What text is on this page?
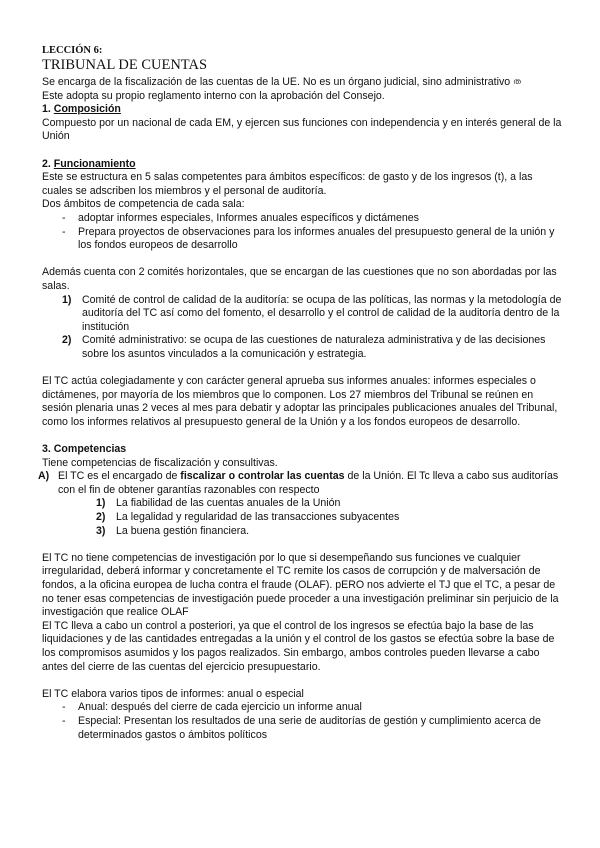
LECCIÓN 6:
TRIBUNAL DE CUENTAS

Se encarga de la fiscalización de las cuentas de la UE. No es un órgano judicial, sino administrativo ത

Este adopta su propio reglamento interno con la aprobación del Consejo.

1. Composición

Compuesto por un nacional de cada EM, y ejercen sus funciones con independencia y en interés general de la Unión

2. Funcionamiento

Este se estructura en 5 salas competentes para ámbitos específicos: de gasto y de los ingresos (t), a las cuales se adscriben los miembros y el personal de auditoría.

Dos ámbitos de competencia de cada sala:

- adoptar informes especiales, Informes anuales específicos y dictámenes
- Prepara proyectos de observaciones para los informes anuales del presupuesto general de la unión y los fondos europeos de desarrollo

Además cuenta con 2 comités horizontales, que se encargan de las cuestiones que no son abordadas por las salas.

1) Comité de control de calidad de la auditoría: se ocupa de las políticas, las normas y la metodología de auditoría del TC así como del fomento, el desarrollo y el control de calidad de la auditoría dentro de la institución
2) Comité administrativo: se ocupa de las cuestiones de naturaleza administrativa y de las decisiones sobre los asuntos vinculados a la comunicación y estrategia.

El TC actúa colegiadamente y con carácter general aprueba sus informes anuales: informes especiales o dictámenes, por mayoría de los miembros que lo componen. Los 27 miembros del Tribunal se reúnen en sesión plenaria unas 2 veces al mes para debatir y adoptar las principales publicaciones anuales del Tribunal, como los informes relativos al presupuesto general de la Unión y a los fondos europeos de desarrollo.

3. Competencias

Tiene competencias de fiscalización y consultivas.

A) El TC es el encargado de fiscalizar o controlar las cuentas de la Unión. El Tc lleva a cabo sus auditorías con el fin de obtener garantías razonables con respecto

1) La fiabilidad de las cuentas anuales de la Unión
2) La legalidad y regularidad de las transacciones subyacentes
3) La buena gestión financiera.

El TC no tiene competencias de investigación por lo que si desempeñando sus funciones ve cualquier irregularidad, deberá informar y concretamente el TC remite los casos de corrupción y de malversación de fondos, a la oficina europea de lucha contra el fraude (OLAF). pERO nos advierte el TJ que el TC, a pesar de no tener esas competencias de investigación puede proceder a una investigación preliminar sin perjuicio de la investigación que realice OLAF

El TC lleva a cabo un control a posteriori, ya que el control de los ingresos se efectúa bajo la base de las liquidaciones y de las cantidades entregadas a la unión y el control de los gastos se efectúa sobre la base de los compromisos asumidos y los pagos realizados. Sin embargo, ambos controles pueden llevarse a cabo antes del cierre de las cuentas del ejercicio presupuestario.

El TC elabora varios tipos de informes: anual o especial

- Anual: después del cierre de cada ejercicio un informe anual
- Especial: Presentan los resultados de una serie de auditorías de gestión y cumplimiento acerca de determinados gastos o ámbitos políticos
